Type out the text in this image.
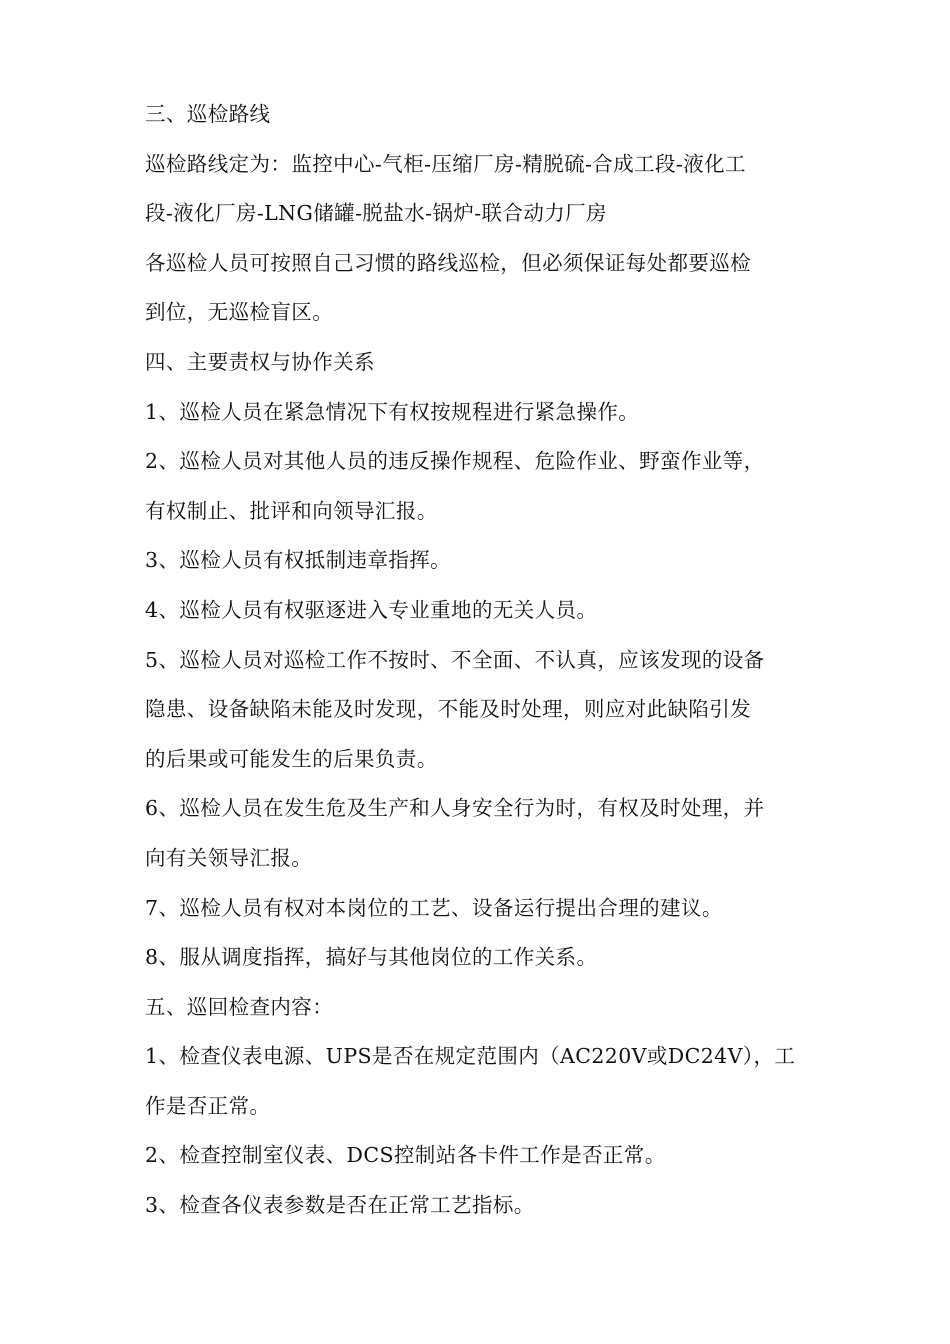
三、巡检路线
巡检路线定为：监控中心-气柜-压缩厂房-精脱硫-合成工段-液化工
段-液化厂房-LNG储罐-脱盐水-锅炉-联合动力厂房
各巡检人员可按照自己习惯的路线巡检，但必须保证每处都要巡检
到位，无巡检盲区。
四、主要责权与协作关系
1、巡检人员在紧急情况下有权按规程进行紧急操作。
2、巡检人员对其他人员的违反操作规程、危险作业、野蛮作业等，
有权制止、批评和向领导汇报。
3、巡检人员有权抵制违章指挥。
4、巡检人员有权驱逐进入专业重地的无关人员。
5、巡检人员对巡检工作不按时、不全面、不认真，应该发现的设备
隐患、设备缺陷未能及时发现，不能及时处理，则应对此缺陷引发
的后果或可能发生的后果负责。
6、巡检人员在发生危及生产和人身安全行为时，有权及时处理，并
向有关领导汇报。
7、巡检人员有权对本岗位的工艺、设备运行提出合理的建议。
8、服从调度指挥，搞好与其他岗位的工作关系。
五、巡回检查内容：
1、检查仪表电源、UPS是否在规定范围内（AC220V或DC24V），工
作是否正常。
2、检查控制室仪表、DCS控制站各卡件工作是否正常。
3、检查各仪表参数是否在正常工艺指标。
